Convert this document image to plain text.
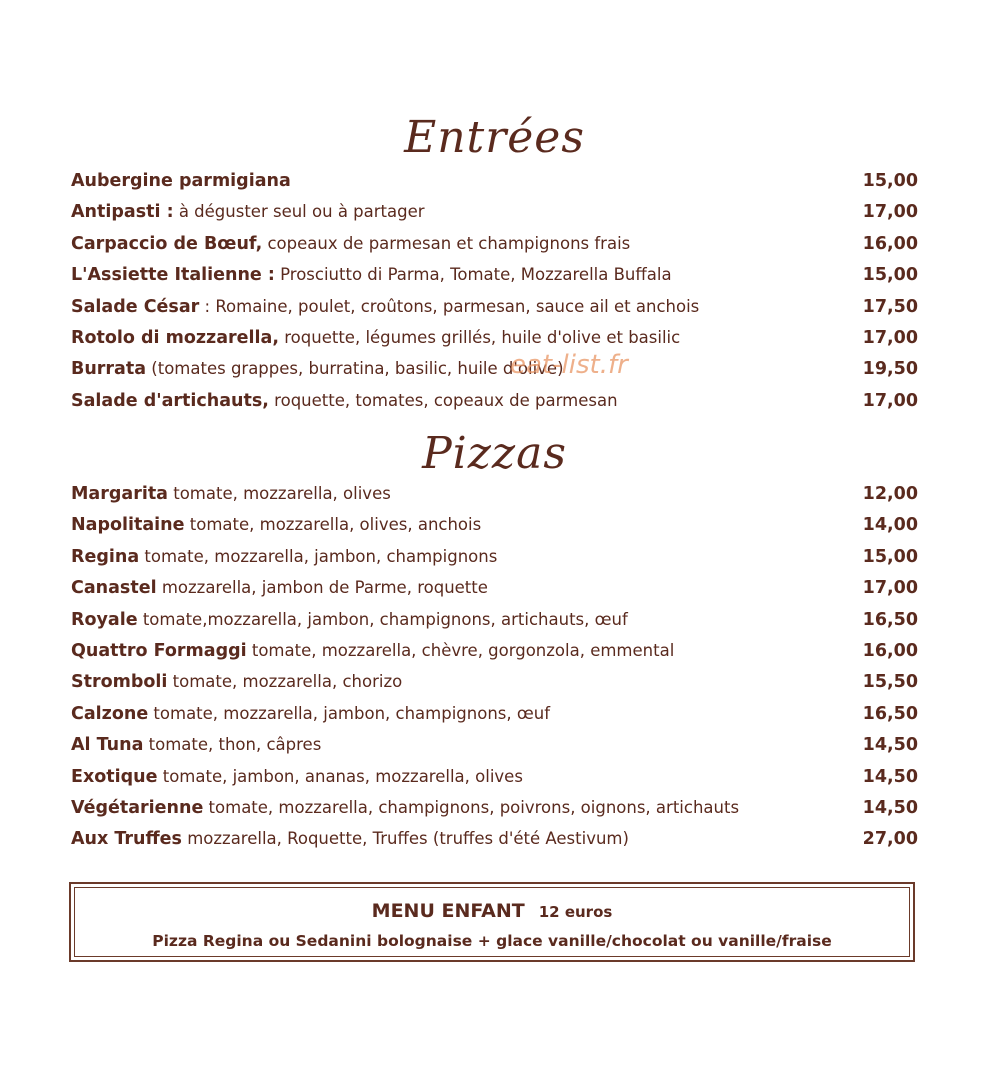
Entrées
Aubergine parmigiana	15,00
Antipasti : à déguster seul ou à partager	17,00
Carpaccio de Bœuf, copeaux de parmesan et champignons frais	16,00
L'Assiette Italienne : Prosciutto di Parma, Tomate, Mozzarella Buffala	15,00
Salade César : Romaine, poulet, croûtons, parmesan, sauce ail et anchois	17,50
Rotolo di mozzarella, roquette, légumes grillés, huile d'olive et basilic	17,00
Burrata (tomates grappes, burratina, basilic, huile d'olive)	19,50
Salade d'artichauts, roquette, tomates, copeaux de parmesan	17,00
eat-list.fr
Pizzas
Margarita tomate, mozzarella, olives	12,00
Napolitaine tomate, mozzarella, olives, anchois	14,00
Regina tomate, mozzarella, jambon, champignons	15,00
Canastel mozzarella, jambon de Parme, roquette	17,00
Royale tomate,mozzarella, jambon, champignons, artichauts, œuf	16,50
Quattro Formaggi tomate, mozzarella, chèvre, gorgonzola, emmental	16,00
Stromboli tomate, mozzarella, chorizo	15,50
Calzone tomate, mozzarella, jambon, champignons, œuf	16,50
Al Tuna tomate, thon, câpres	14,50
Exotique tomate, jambon, ananas, mozzarella, olives	14,50
Végétarienne tomate, mozzarella, champignons, poivrons, oignons, artichauts	14,50
Aux Truffes mozzarella, Roquette, Truffes (truffes d'été Aestivum)	27,00
MENU ENFANT 12 euros
Pizza Regina ou Sedanini bolognaise + glace vanille/chocolat ou vanille/fraise
